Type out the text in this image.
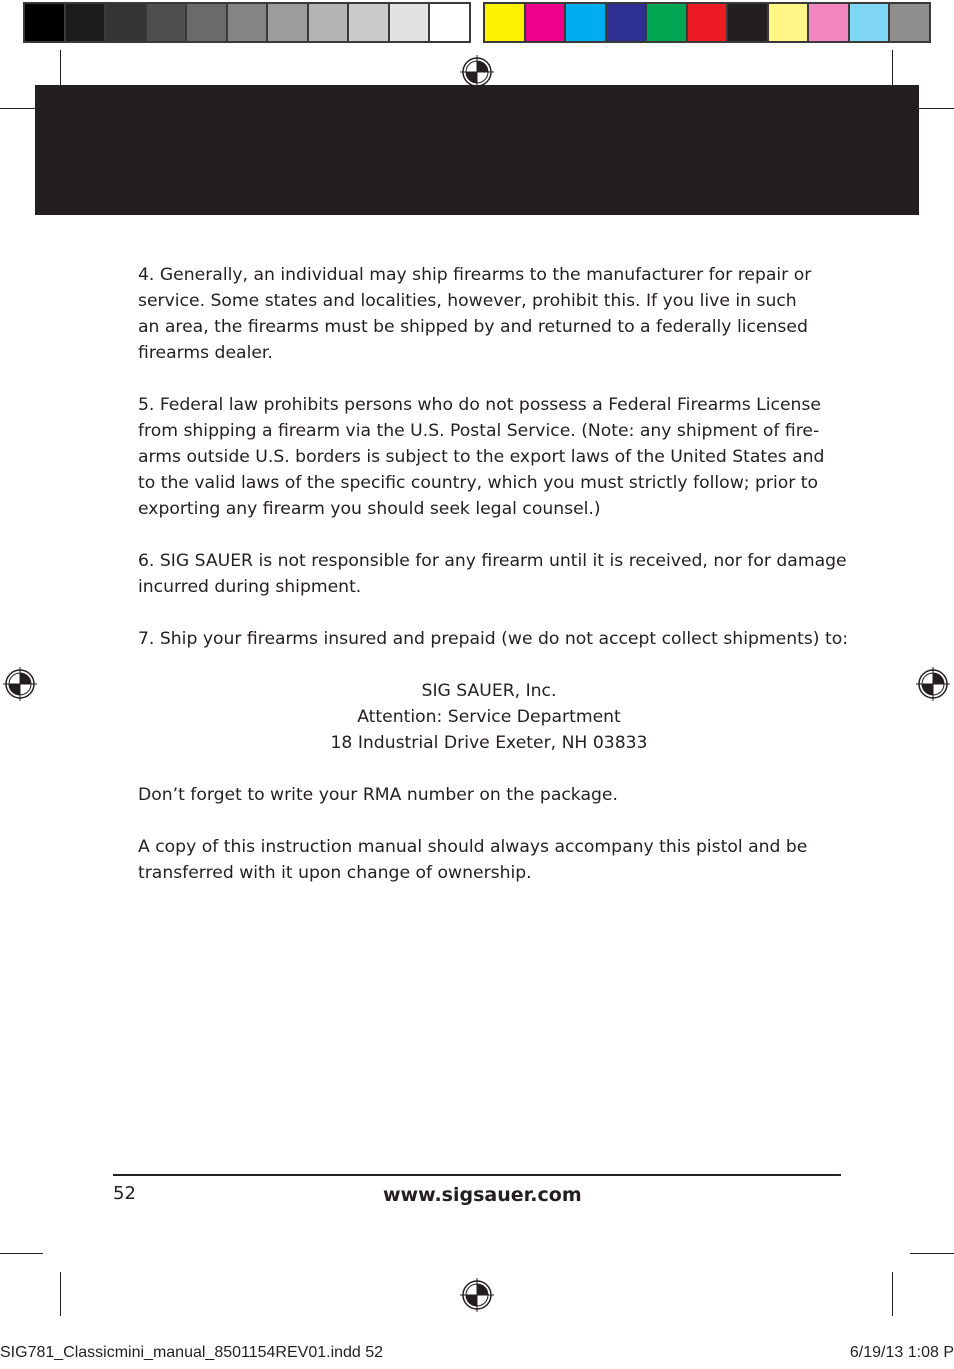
4. Generally, an individual may ship firearms to the manufacturer for repair or
service. Some states and localities, however, prohibit this. If you live in such
an area, the firearms must be shipped by and returned to a federally licensed
firearms dealer.
5. Federal law prohibits persons who do not possess a Federal Firearms License
from shipping a firearm via the U.S. Postal Service. (Note: any shipment of fire-
arms outside U.S. borders is subject to the export laws of the United States and
to the valid laws of the specific country, which you must strictly follow; prior to
exporting any firearm you should seek legal counsel.)
6. SIG SAUER is not responsible for any firearm until it is received, nor for damage
incurred during shipment.
7. Ship your firearms insured and prepaid (we do not accept collect shipments) to:
SIG SAUER, Inc.
Attention: Service Department
18 Industrial Drive Exeter, NH 03833
Don’t forget to write your RMA number on the package.
A copy of this instruction manual should always accompany this pistol and be
transferred with it upon change of ownership.
52	www.sigsauer.com
SIG781_Classicmini_manual_8501154REV01.indd 52	6/19/13 1:08 P
